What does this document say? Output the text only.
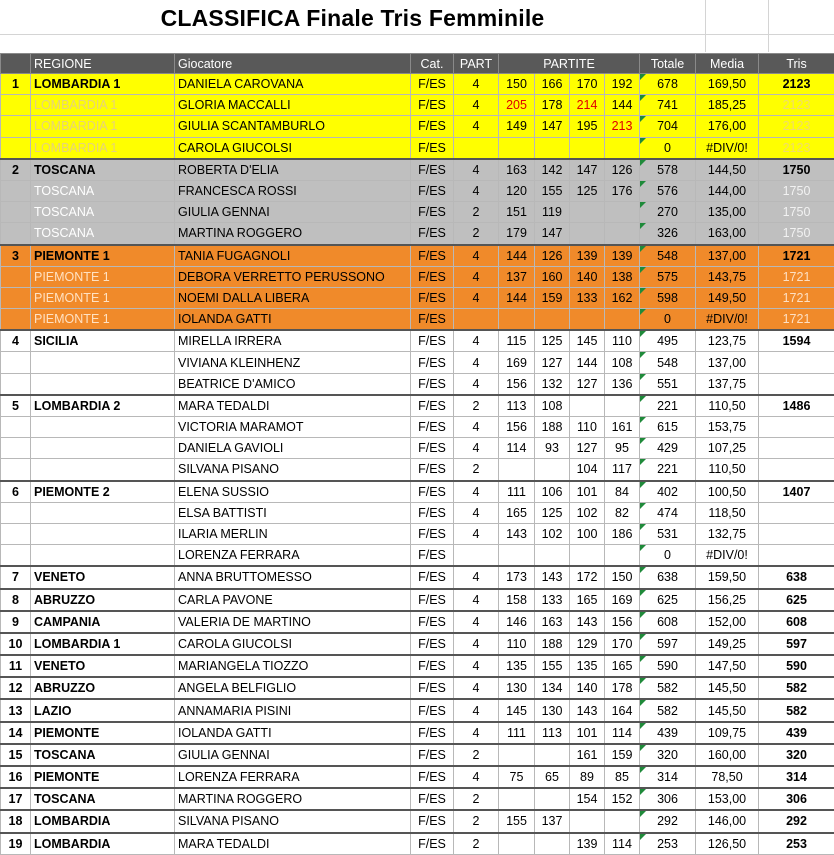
CLASSIFICA Finale Tris Femminile
	REGIONE	Giocatore	Cat.	PART	PARTITE				Totale	Media	Tris
1	LOMBARDIA 1	DANIELA CAROVANA	F/ES	4	150	166	170	192	678	169,50	2123
	LOMBARDIA 1	GLORIA MACCALLI	F/ES	4	205	178	214	144	741	185,25	2123
	LOMBARDIA 1	GIULIA SCANTAMBURLO	F/ES	4	149	147	195	213	704	176,00	2123
	LOMBARDIA 1	CAROLA GIUCOLSI	F/ES						0	#DIV/0!	2123
2	TOSCANA	ROBERTA D'ELIA	F/ES	4	163	142	147	126	578	144,50	1750
	TOSCANA	FRANCESCA ROSSI	F/ES	4	120	155	125	176	576	144,00	1750
	TOSCANA	GIULIA GENNAI	F/ES	2	151	119			270	135,00	1750
	TOSCANA	MARTINA ROGGERO	F/ES	2	179	147			326	163,00	1750
3	PIEMONTE 1	TANIA FUGAGNOLI	F/ES	4	144	126	139	139	548	137,00	1721
	PIEMONTE 1	DEBORA VERRETTO PERUSSONO	F/ES	4	137	160	140	138	575	143,75	1721
	PIEMONTE 1	NOEMI DALLA LIBERA	F/ES	4	144	159	133	162	598	149,50	1721
	PIEMONTE 1	IOLANDA GATTI	F/ES						0	#DIV/0!	1721
4	SICILIA	MIRELLA IRRERA	F/ES	4	115	125	145	110	495	123,75	1594
		VIVIANA KLEINHENZ	F/ES	4	169	127	144	108	548	137,00	
		BEATRICE D'AMICO	F/ES	4	156	132	127	136	551	137,75	
5	LOMBARDIA 2	MARA TEDALDI	F/ES	2	113	108			221	110,50	1486
		VICTORIA MARAMOT	F/ES	4	156	188	110	161	615	153,75	
		DANIELA GAVIOLI	F/ES	4	114	93	127	95	429	107,25	
		SILVANA PISANO	F/ES	2			104	117	221	110,50	
6	PIEMONTE 2	ELENA SUSSIO	F/ES	4	111	106	101	84	402	100,50	1407
		ELSA BATTISTI	F/ES	4	165	125	102	82	474	118,50	
		ILARIA MERLIN	F/ES	4	143	102	100	186	531	132,75	
		LORENZA FERRARA	F/ES						0	#DIV/0!	
7	VENETO	ANNA BRUTTOMESSO	F/ES	4	173	143	172	150	638	159,50	638
8	ABRUZZO	CARLA PAVONE	F/ES	4	158	133	165	169	625	156,25	625
9	CAMPANIA	VALERIA DE MARTINO	F/ES	4	146	163	143	156	608	152,00	608
10	LOMBARDIA 1	CAROLA GIUCOLSI	F/ES	4	110	188	129	170	597	149,25	597
11	VENETO	MARIANGELA TIOZZO	F/ES	4	135	155	135	165	590	147,50	590
12	ABRUZZO	ANGELA BELFIGLIO	F/ES	4	130	134	140	178	582	145,50	582
13	LAZIO	ANNAMARIA PISINI	F/ES	4	145	130	143	164	582	145,50	582
14	PIEMONTE	IOLANDA GATTI	F/ES	4	111	113	101	114	439	109,75	439
15	TOSCANA	GIULIA GENNAI	F/ES	2			161	159	320	160,00	320
16	PIEMONTE	LORENZA FERRARA	F/ES	4	75	65	89	85	314	78,50	314
17	TOSCANA	MARTINA ROGGERO	F/ES	2			154	152	306	153,00	306
18	LOMBARDIA	SILVANA PISANO	F/ES	2	155	137			292	146,00	292
19	LOMBARDIA	MARA TEDALDI	F/ES	2			139	114	253	126,50	253
